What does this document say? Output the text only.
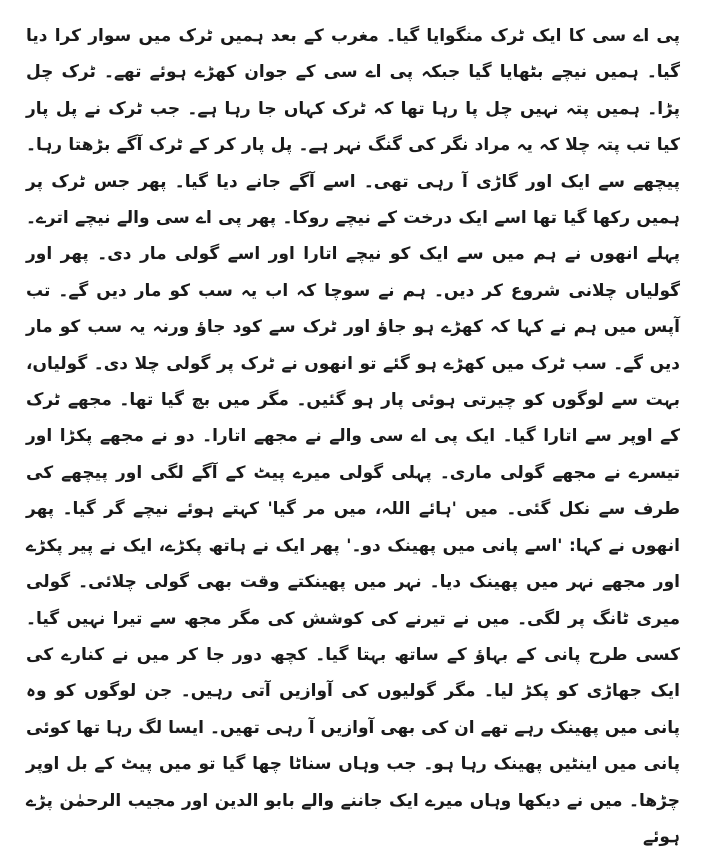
پی اے سی کا ایک ٹرک منگوایا گیا۔ مغرب کے بعد ہمیں ٹرک میں سوار کرا دیا گیا۔ ہمیں نیچے بٹھایا گیا جبکہ پی اے سی کے جوان کھڑے ہوئے تھے۔ ٹرک چل پڑا۔ ہمیں پتہ نہیں چل پا رہا تھا کہ ٹرک کہاں جا رہا ہے۔ جب ٹرک نے پل پار کیا تب پتہ چلا کہ یہ مراد نگر کی گنگ نہر ہے۔ پل پار کر کے ٹرک آگے بڑھتا رہا۔ پیچھے سے ایک اور گاڑی آ رہی تھی۔ اسے آگے جانے دیا گیا۔ پھر جس ٹرک پر ہمیں رکھا گیا تھا اسے ایک درخت کے نیچے روکا۔ پھر پی اے سی والے نیچے اترے۔ پہلے انھوں نے ہم میں سے ایک کو نیچے اتارا اور اسے گولی مار دی۔ پھر اور گولیاں چلانی شروع کر دیں۔ ہم نے سوچا کہ اب یہ سب کو مار دیں گے۔ تب آپس میں ہم نے کہا کہ کھڑے ہو جاؤ اور ٹرک سے کود جاؤ ورنہ یہ سب کو مار دیں گے۔ سب ٹرک میں کھڑے ہو گئے تو انھوں نے ٹرک پر گولی چلا دی۔ گولیاں، بہت سے لوگوں کو چیرتی ہوئی پار ہو گئیں۔ مگر میں بچ گیا تھا۔ مجھے ٹرک کے اوپر سے اتارا گیا۔ ایک پی اے سی والے نے مجھے اتارا۔ دو نے مجھے پکڑا اور تیسرے نے مجھے گولی ماری۔ پہلی گولی میرے پیٹ کے آگے لگی اور پیچھے کی طرف سے نکل گئی۔ میں 'ہائے اللہ، میں مر گیا' کہتے ہوئے نیچے گر گیا۔ پھر انھوں نے کہا: 'اسے پانی میں پھینک دو۔' پھر ایک نے ہاتھ پکڑے، ایک نے پیر پکڑے اور مجھے نہر میں پھینک دیا۔ نہر میں پھینکتے وقت بھی گولی چلائی۔ گولی میری ٹانگ پر لگی۔ میں نے تیرنے کی کوشش کی مگر مجھ سے تیرا نہیں گیا۔ کسی طرح پانی کے بہاؤ کے ساتھ بہتا گیا۔ کچھ دور جا کر میں نے کنارے کی ایک جھاڑی کو پکڑ لیا۔ مگر گولیوں کی آوازیں آتی رہیں۔ جن لوگوں کو وہ پانی میں پھینک رہے تھے ان کی بھی آوازیں آ رہی تھیں۔ ایسا لگ رہا تھا کوئی پانی میں اینٹیں پھینک رہا ہو۔ جب وہاں سناٹا چھا گیا تو میں پیٹ کے بل اوپر چڑھا۔ میں نے دیکھا وہاں میرے ایک جاننے والے بابو الدین اور مجیب الرحمٰن پڑے ہوئے
